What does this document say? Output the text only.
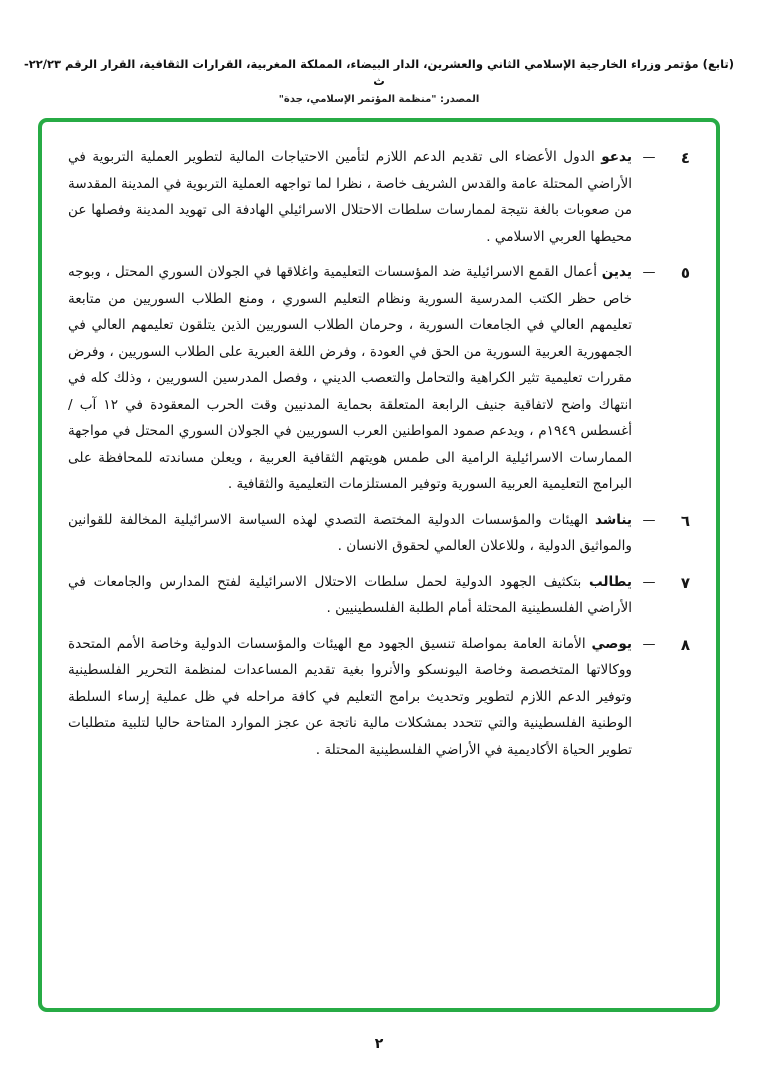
(تابع) مؤتمر وزراء الخارجية الإسلامي الثاني والعشرين، الدار البيضاء، المملكة المغربية، القرارات الثقافية، القرار الرقم ٢٢/٢٣-ث
المصدر: "منظمة المؤتمر الإسلامي، جدة"
٤
—

يدعو الدول الأعضاء الى تقديم الدعم اللازم لتأمين الاحتياجات المالية لتطوير العملية التربوية في الأراضي المحتلة عامة والقدس الشريف خاصة ، نظرا لما تواجهه العملية التربوية في المدينة المقدسة من صعوبات بالغة نتيجة لممارسات سلطات الاحتلال الاسرائيلي الهادفة الى تهويد المدينة وفصلها عن محيطها العربي الاسلامي .

٥
—

يدين أعمال القمع الاسرائيلية ضد المؤسسات التعليمية واغلاقها في الجولان السوري المحتل ، وبوجه خاص حظر الكتب المدرسية السورية ونظام التعليم السوري ، ومنع الطلاب السوريين من متابعة تعليمهم العالي في الجامعات السورية ، وحرمان الطلاب السوريين الذين يتلقون تعليمهم العالي في الجمهورية العربية السورية من الحق في العودة ، وفرض اللغة العبرية على الطلاب السوريين ، وفرض مقررات تعليمية تثير الكراهية والتحامل والتعصب الديني ، وفصل المدرسين السوريين ، وذلك كله في انتهاك واضح لاتفاقية جنيف الرابعة المتعلقة بحماية المدنيين وقت الحرب المعقودة في ١٢ آب / أغسطس ١٩٤٩م ، ويدعم صمود المواطنين العرب السوريين في الجولان السوري المحتل في مواجهة الممارسات الاسرائيلية الرامية الى طمس هويتهم الثقافية العربية ، ويعلن مساندته للمحافظة على البرامج التعليمية العربية السورية وتوفير المستلزمات التعليمية والثقافية .

٦
—

يناشد الهيئات والمؤسسات الدولية المختصة التصدي لهذه السياسة الاسرائيلية المخالفة للقوانين والمواثيق الدولية ، وللاعلان العالمي لحقوق الانسان .

٧
—

يطالب بتكثيف الجهود الدولية لحمل سلطات الاحتلال الاسرائيلية لفتح المدارس والجامعات في الأراضي الفلسطينية المحتلة أمام الطلبة الفلسطينيين .

٨
—

يوصي الأمانة العامة بمواصلة تنسيق الجهود مع الهيئات والمؤسسات الدولية وخاصة الأمم المتحدة ووكالاتها المتخصصة وخاصة اليونسكو والأنروا بغية تقديم المساعدات لمنظمة التحرير الفلسطينية وتوفير الدعم اللازم لتطوير وتحديث برامج التعليم في كافة مراحله في ظل عملية إرساء السلطة الوطنية الفلسطينية والتي تتحدد بمشكلات مالية ناتجة عن عجز الموارد المتاحة حاليا لتلبية متطلبات تطوير الحياة الأكاديمية في الأراضي الفلسطينية المحتلة .

٢
